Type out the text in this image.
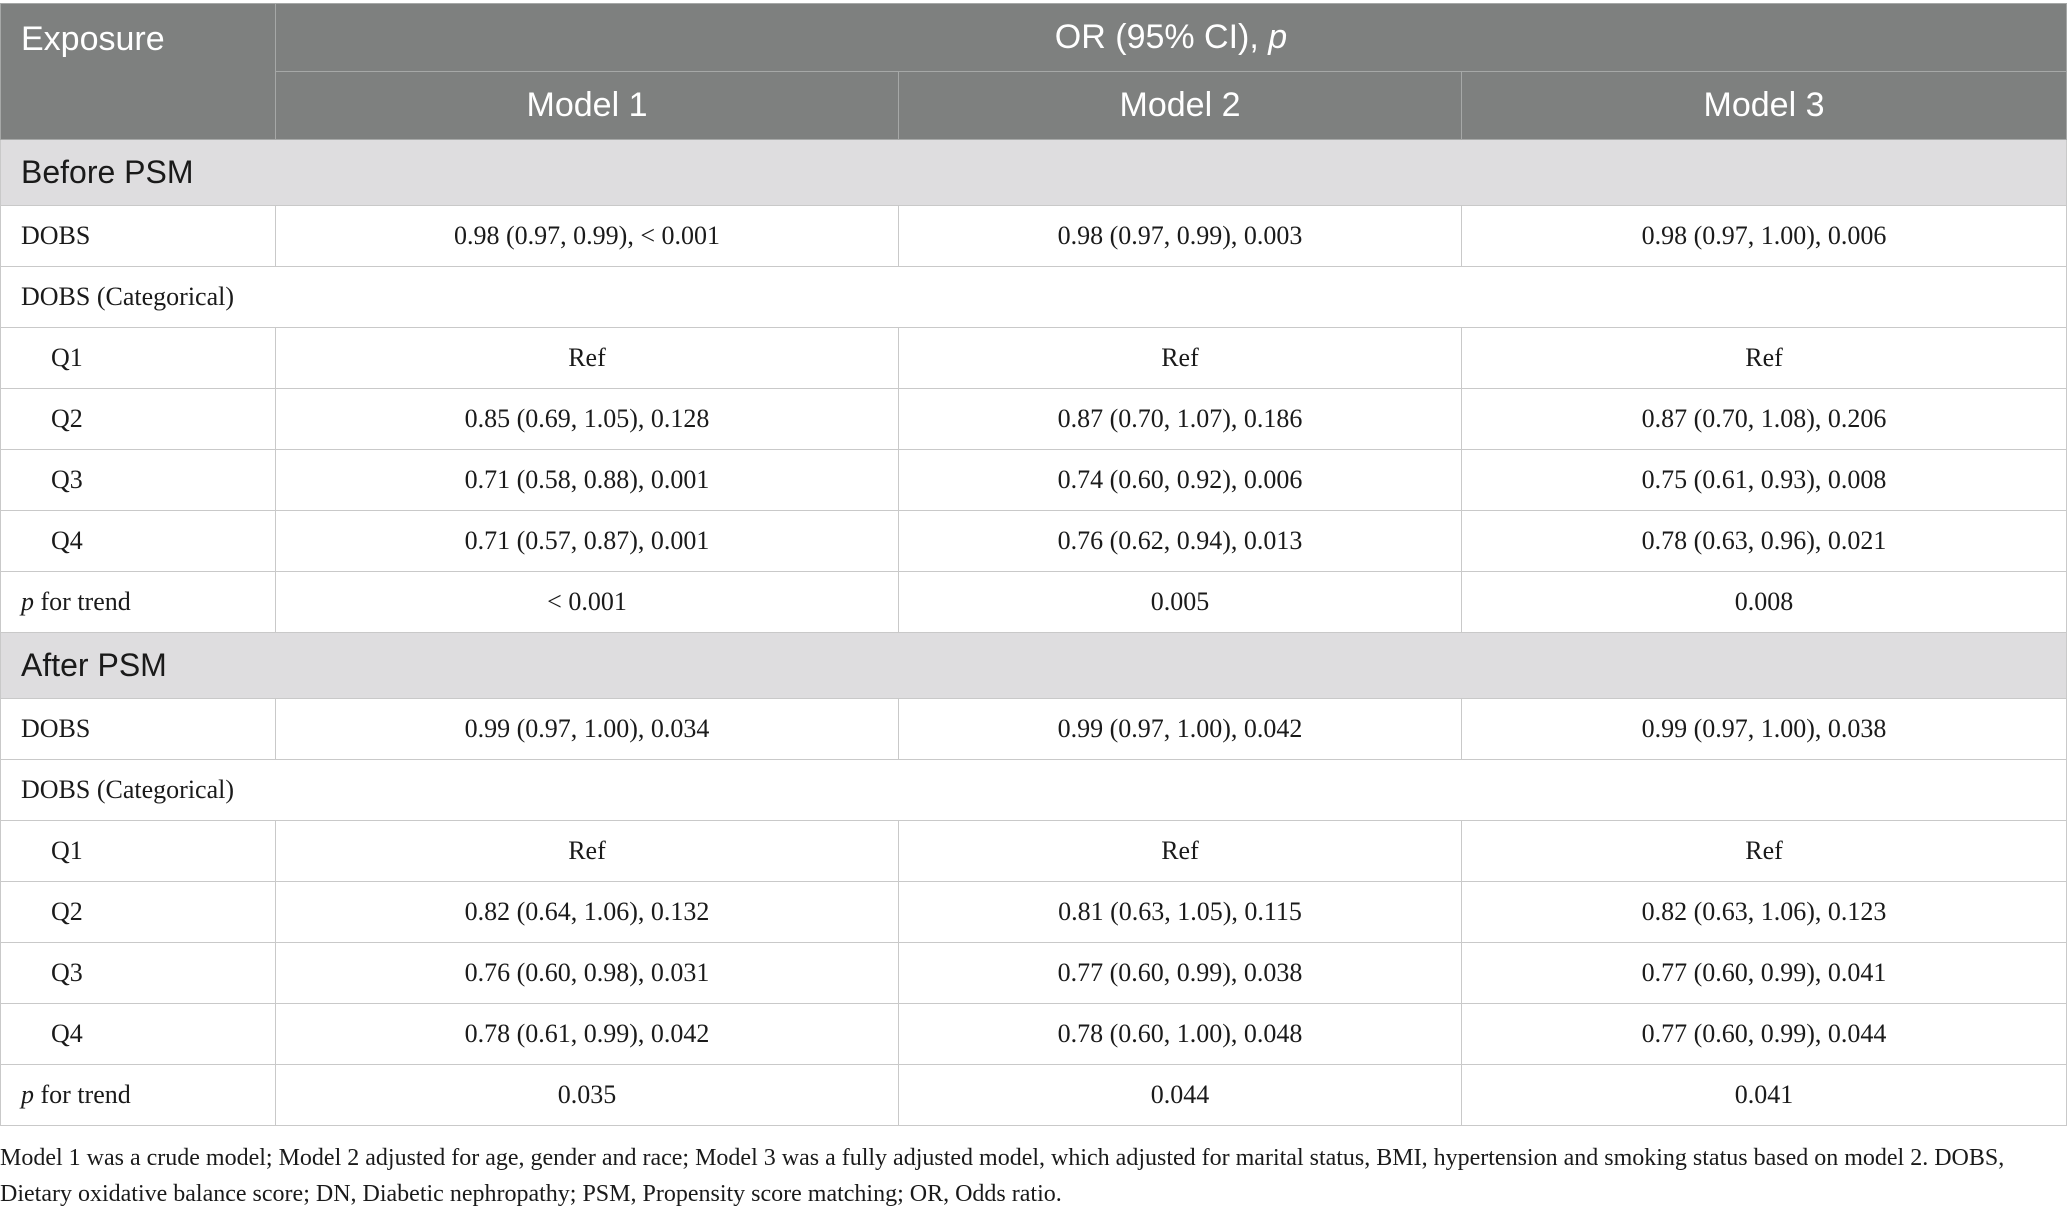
Exposure	OR (95% CI), p		
	Model 1	Model 2	Model 3
Before PSM			
DOBS	0.98 (0.97, 0.99), < 0.001	0.98 (0.97, 0.99), 0.003	0.98 (0.97, 1.00), 0.006
DOBS (Categorical)			
Q1	Ref	Ref	Ref
Q2	0.85 (0.69, 1.05), 0.128	0.87 (0.70, 1.07), 0.186	0.87 (0.70, 1.08), 0.206
Q3	0.71 (0.58, 0.88), 0.001	0.74 (0.60, 0.92), 0.006	0.75 (0.61, 0.93), 0.008
Q4	0.71 (0.57, 0.87), 0.001	0.76 (0.62, 0.94), 0.013	0.78 (0.63, 0.96), 0.021
p for trend	< 0.001	0.005	0.008
After PSM			
DOBS	0.99 (0.97, 1.00), 0.034	0.99 (0.97, 1.00), 0.042	0.99 (0.97, 1.00), 0.038
DOBS (Categorical)			
Q1	Ref	Ref	Ref
Q2	0.82 (0.64, 1.06), 0.132	0.81 (0.63, 1.05), 0.115	0.82 (0.63, 1.06), 0.123
Q3	0.76 (0.60, 0.98), 0.031	0.77 (0.60, 0.99), 0.038	0.77 (0.60, 0.99), 0.041
Q4	0.78 (0.61, 0.99), 0.042	0.78 (0.60, 1.00), 0.048	0.77 (0.60, 0.99), 0.044
p for trend	0.035	0.044	0.041
Model 1 was a crude model; Model 2 adjusted for age, gender and race; Model 3 was a fully adjusted model, which adjusted for marital status, BMI, hypertension and smoking status based on model 2. DOBS, Dietary oxidative balance score; DN, Diabetic nephropathy; PSM, Propensity score matching; OR, Odds ratio.
